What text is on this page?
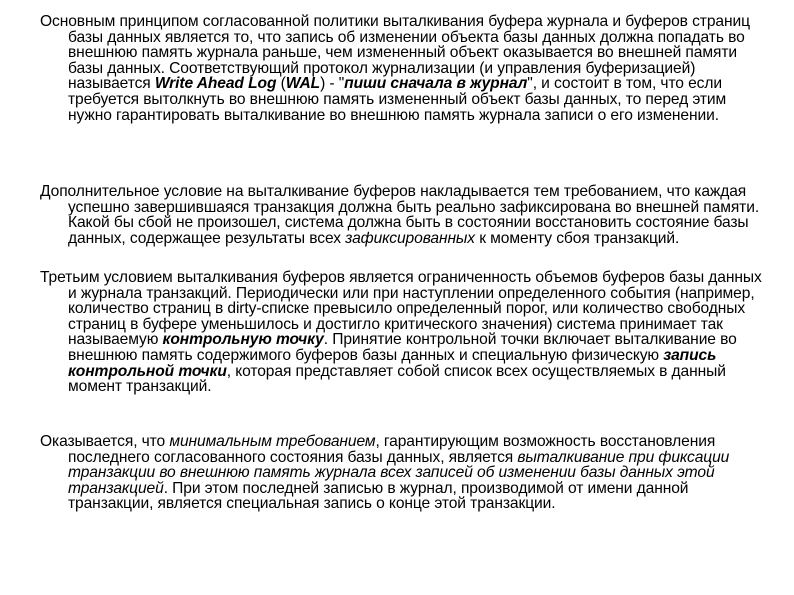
Основным принципом согласованной политики выталкивания буфера журнала и буферов страниц базы данных является то, что запись об изменении объекта базы данных должна попадать во внешнюю память журнала раньше, чем измененный объект оказывается во внешней памяти базы данных. Соответствующий протокол журнализации (и управления буферизацией) называется Write Ahead Log (WAL) - "пиши сначала в журнал", и состоит в том, что если требуется вытолкнуть во внешнюю память измененный объект базы данных, то перед этим нужно гарантировать выталкивание во внешнюю память журнала записи о его изменении.

Дополнительное условие на выталкивание буферов накладывается тем требованием, что каждая успешно завершившаяся транзакция должна быть реально зафиксирована во внешней памяти. Какой бы сбой не произошел, система должна быть в состоянии восстановить состояние базы данных, содержащее результаты всех зафиксированных к моменту сбоя транзакций.

Третьим условием выталкивания буферов является ограниченность объемов буферов базы данных и журнала транзакций. Периодически или при наступлении определенного события (например, количество страниц в dirty-списке превысило определенный порог, или количество свободных страниц в буфере уменьшилось и достигло критического значения) система принимает так называемую контрольную точку. Принятие контрольной точки включает выталкивание во внешнюю память содержимого буферов базы данных и специальную физическую запись контрольной точки, которая представляет собой список всех осуществляемых в данный момент транзакций.

Оказывается, что минимальным требованием, гарантирующим возможность восстановления последнего согласованного состояния базы данных, является выталкивание при фиксации транзакции во внешнюю память журнала всех записей об изменении базы данных этой транзакцией. При этом последней записью в журнал, производимой от имени данной транзакции, является специальная запись о конце этой транзакции.
